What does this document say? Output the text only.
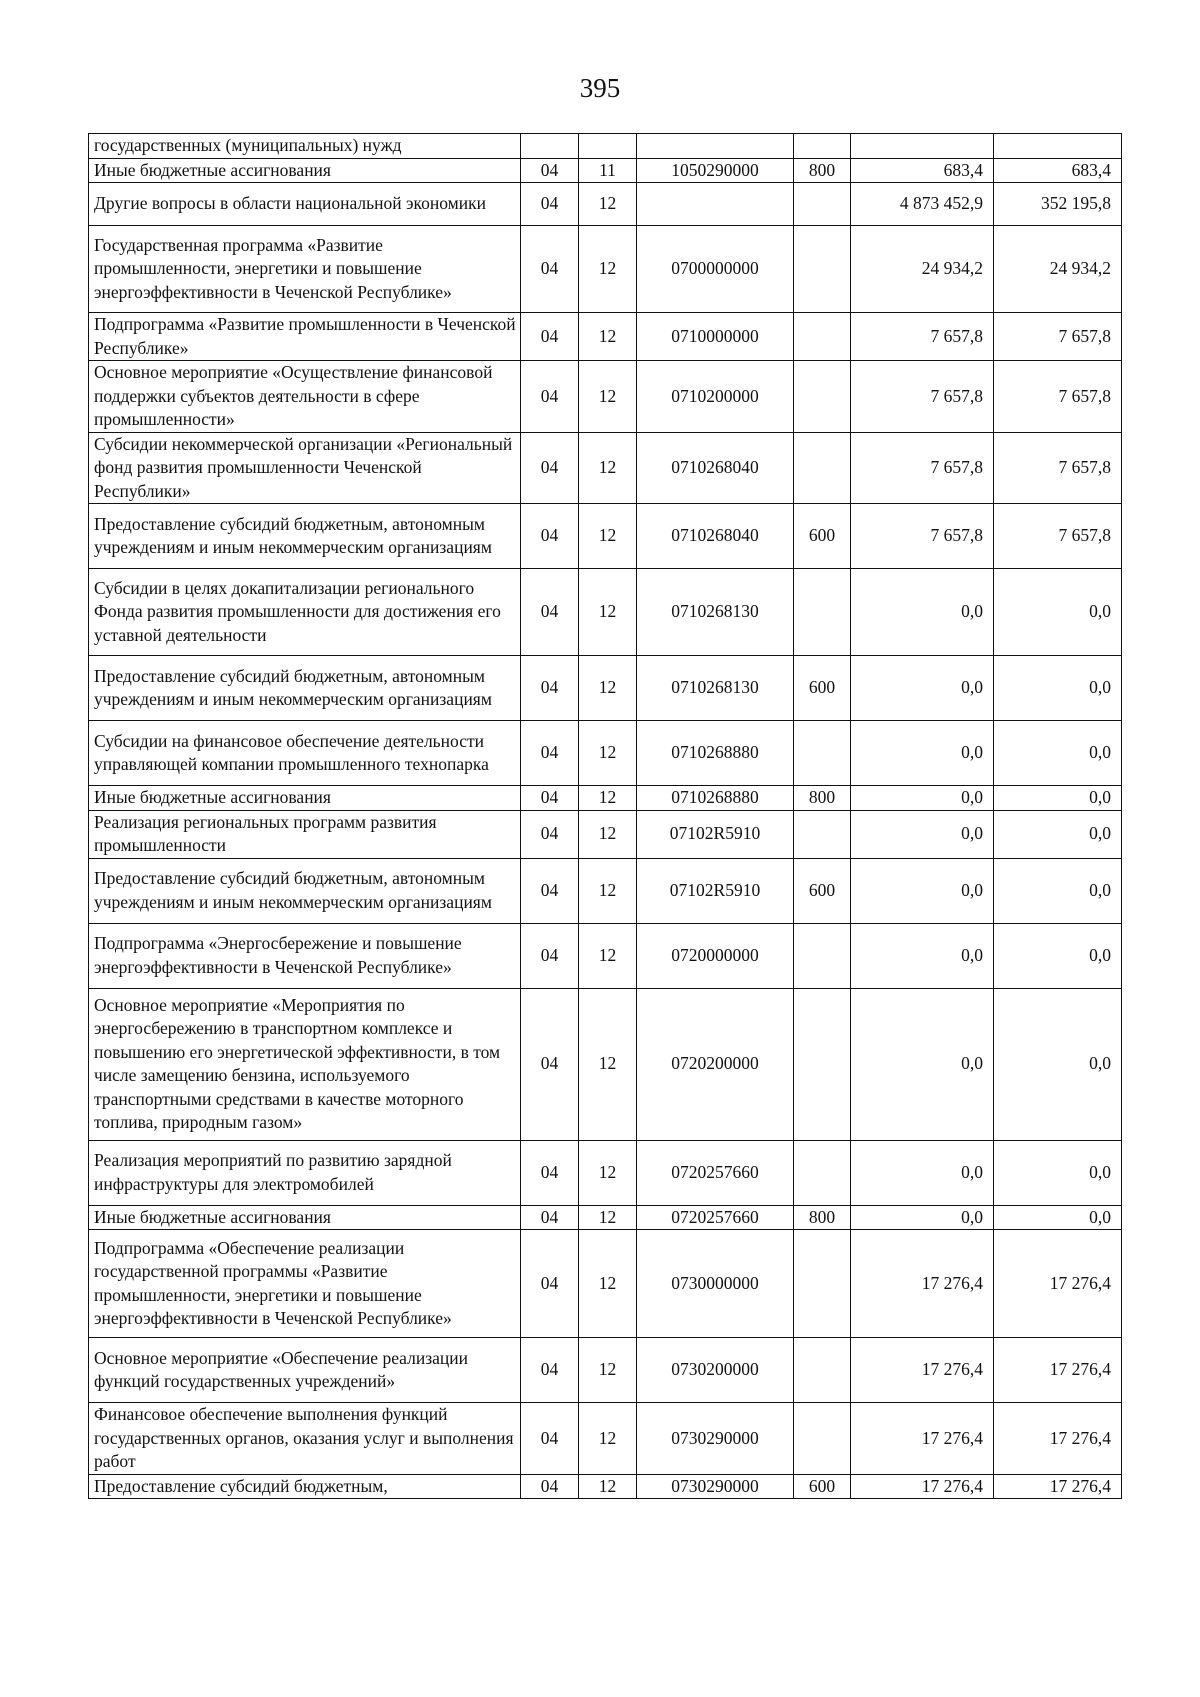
395
государственных (муниципальных) нужд						
Иные бюджетные ассигнования	04	11	1050290000	800	683,4	683,4
Другие вопросы в области национальной экономики	04	12			4 873 452,9	352 195,8
Государственная программа «Развитие промышленности, энергетики и повышение энергоэффективности в Чеченской Республике»	04	12	0700000000		24 934,2	24 934,2
Подпрограмма «Развитие промышленности в Чеченской Республике»	04	12	0710000000		7 657,8	7 657,8
Основное мероприятие «Осуществление финансовой поддержки субъектов деятельности в сфере промышленности»	04	12	0710200000		7 657,8	7 657,8
Субсидии некоммерческой организации «Региональный фонд развития промышленности Чеченской Республики»	04	12	0710268040		7 657,8	7 657,8
Предоставление субсидий бюджетным, автономным учреждениям и иным некоммерческим организациям	04	12	0710268040	600	7 657,8	7 657,8
Субсидии в целях докапитализации регионального Фонда развития промышленности для достижения его уставной деятельности	04	12	0710268130		0,0	0,0
Предоставление субсидий бюджетным, автономным учреждениям и иным некоммерческим организациям	04	12	0710268130	600	0,0	0,0
Субсидии на финансовое обеспечение деятельности управляющей компании промышленного технопарка	04	12	0710268880		0,0	0,0
Иные бюджетные ассигнования	04	12	0710268880	800	0,0	0,0
Реализация региональных программ развития промышленности	04	12	07102R5910		0,0	0,0
Предоставление субсидий бюджетным, автономным учреждениям и иным некоммерческим организациям	04	12	07102R5910	600	0,0	0,0
Подпрограмма «Энергосбережение и повышение энергоэффективности в Чеченской Республике»	04	12	0720000000		0,0	0,0
Основное мероприятие «Мероприятия по энергосбережению в транспортном комплексе и повышению его энергетической эффективности, в том числе замещению бензина, используемого транспортными средствами в качестве моторного топлива, природным газом»	04	12	0720200000		0,0	0,0
Реализация мероприятий по развитию зарядной инфраструктуры для электромобилей	04	12	0720257660		0,0	0,0
Иные бюджетные ассигнования	04	12	0720257660	800	0,0	0,0
Подпрограмма «Обеспечение реализации государственной программы «Развитие промышленности, энергетики и повышение энергоэффективности в Чеченской Республике»	04	12	0730000000		17 276,4	17 276,4
Основное мероприятие «Обеспечение реализации функций государственных учреждений»	04	12	0730200000		17 276,4	17 276,4
Финансовое обеспечение выполнения функций государственных органов, оказания услуг и выполнения работ	04	12	0730290000		17 276,4	17 276,4
Предоставление субсидий бюджетным,	04	12	0730290000	600	17 276,4	17 276,4
